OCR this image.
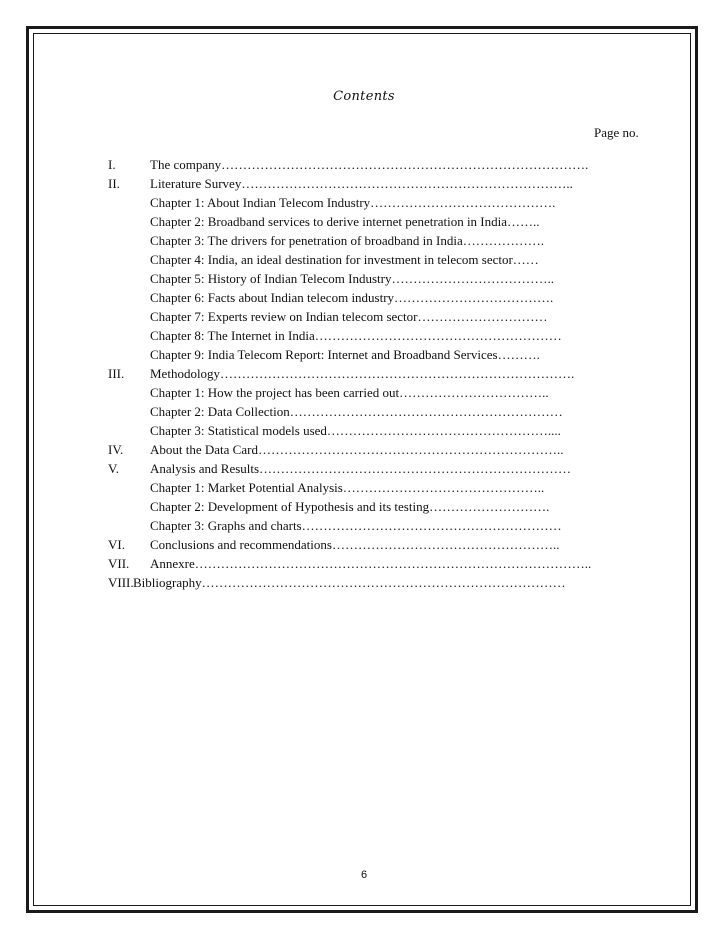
Contents
Page no.
I.	The company………………………………………………………………………….
II. Literature Survey…………………………………………………………………..
Chapter 1: About Indian Telecom Industry…………………………………….
Chapter 2: Broadband services to derive internet penetration in India……..
Chapter 3: The drivers for penetration of broadband in India……………….
Chapter 4: India, an ideal destination for investment in telecom sector……
Chapter 5: History of Indian Telecom Industry………………………………..
Chapter 6: Facts about Indian telecom industry……………………………….
Chapter 7: Experts review on Indian telecom sector…………………………
Chapter 8: The Internet in India…………………………………………………
Chapter 9: India Telecom Report: Internet and Broadband Services……….
III. Methodology……………………………………………………………………….
Chapter 1: How the project has been carried out……………………………..
Chapter 2: Data Collection………………………………………………………
Chapter 3: Statistical models used……………………………………………....
IV. About the Data Card……………………………………………………………..
V. Analysis and Results………………………………………………………………
Chapter 1: Market Potential Analysis………………………………………..
Chapter 2: Development of Hypothesis and its testing……………………….
Chapter 3: Graphs and charts……………………………………………………
VI. Conclusions and recommendations……………………………………………..
VII. Annexre………………………………………………………………………………..
VIII. Bibliography…………………………………………………………………………
6
